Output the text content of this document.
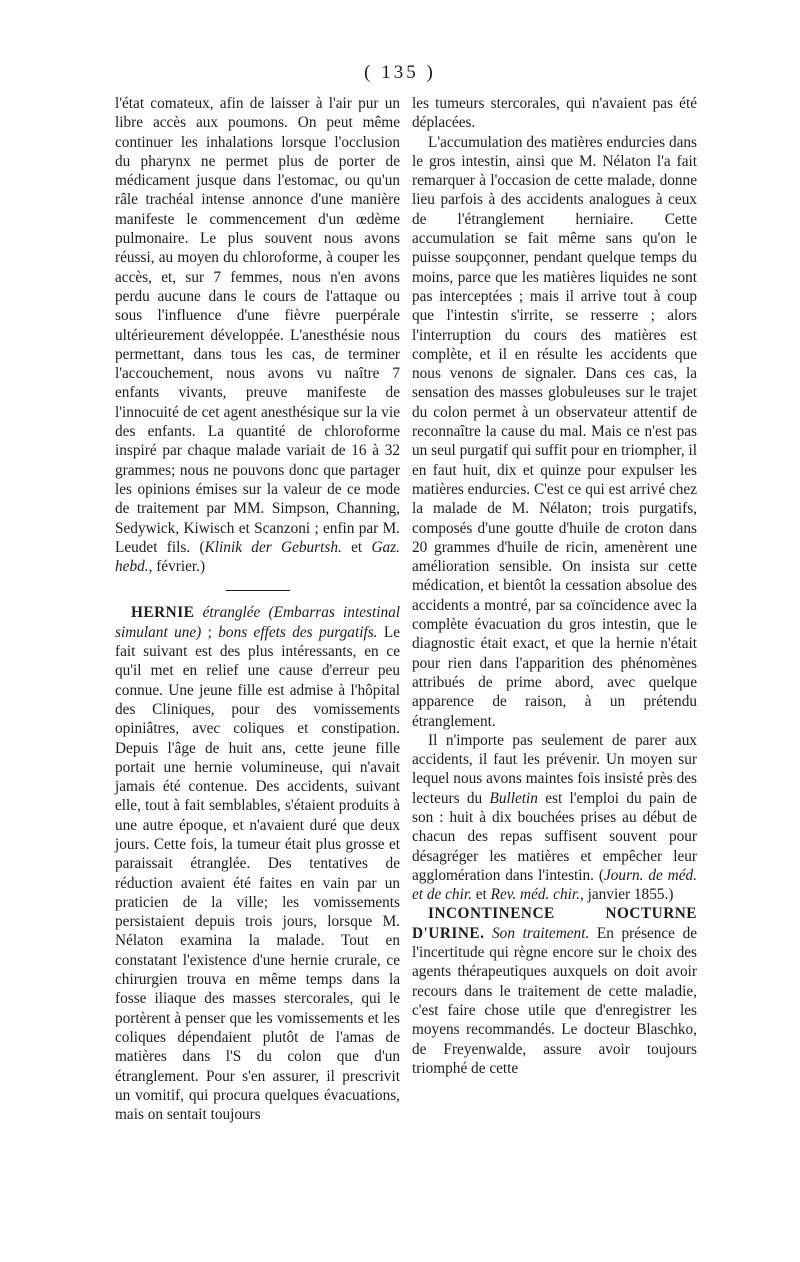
( 135 )

l'état comateux, afin de laisser à l'air pur un libre accès aux poumons. On peut même continuer les inhalations lorsque l'occlusion du pharynx ne permet plus de porter de médicament jusque dans l'estomac, ou qu'un râle trachéal intense annonce d'une manière manifeste le commencement d'un œdème pulmonaire. Le plus souvent nous avons réussi, au moyen du chloroforme, à couper les accès, et, sur 7 femmes, nous n'en avons perdu aucune dans le cours de l'attaque ou sous l'influence d'une fièvre puerpérale ultérieurement développée. L'anesthésie nous permettant, dans tous les cas, de terminer l'accouchement, nous avons vu naître 7 enfants vivants, preuve manifeste de l'innocuité de cet agent anesthésique sur la vie des enfants. La quantité de chloroforme inspiré par chaque malade variait de 16 à 32 grammes; nous ne pouvons donc que partager les opinions émises sur la valeur de ce mode de traitement par MM. Simpson, Channing, Sedywick, Kiwisch et Scanzoni ; enfin par M. Leudet fils. (Klinik der Geburtsh. et Gaz. hebd., février.)

HERNIE étranglée (Embarras intestinal simulant une) ; bons effets des purgatifs. Le fait suivant est des plus intéressants, en ce qu'il met en relief une cause d'erreur peu connue. Une jeune fille est admise à l'hôpital des Cliniques, pour des vomissements opiniâtres, avec coliques et constipation. Depuis l'âge de huit ans, cette jeune fille portait une hernie volumineuse, qui n'avait jamais été contenue. Des accidents, suivant elle, tout à fait semblables, s'étaient produits à une autre époque, et n'avaient duré que deux jours. Cette fois, la tumeur était plus grosse et paraissait étranglée. Des tentatives de réduction avaient été faites en vain par un praticien de la ville; les vomissements persistaient depuis trois jours, lorsque M. Nélaton examina la malade. Tout en constatant l'existence d'une hernie crurale, ce chirurgien trouva en même temps dans la fosse iliaque des masses stercorales, qui le portèrent à penser que les vomissements et les coliques dépendaient plutôt de l'amas de matières dans l'S du colon que d'un étranglement. Pour s'en assurer, il prescrivit un vomitif, qui procura quelques évacuations, mais on sentait toujours

les tumeurs stercorales, qui n'avaient pas été déplacées.

L'accumulation des matières endurcies dans le gros intestin, ainsi que M. Nélaton l'a fait remarquer à l'occasion de cette malade, donne lieu parfois à des accidents analogues à ceux de l'étranglement herniaire. Cette accumulation se fait même sans qu'on le puisse soupçonner, pendant quelque temps du moins, parce que les matières liquides ne sont pas interceptées ; mais il arrive tout à coup que l'intestin s'irrite, se resserre ; alors l'interruption du cours des matières est complète, et il en résulte les accidents que nous venons de signaler. Dans ces cas, la sensation des masses globuleuses sur le trajet du colon permet à un observateur attentif de reconnaître la cause du mal. Mais ce n'est pas un seul purgatif qui suffit pour en triompher, il en faut huit, dix et quinze pour expulser les matières endurcies. C'est ce qui est arrivé chez la malade de M. Nélaton; trois purgatifs, composés d'une goutte d'huile de croton dans 20 grammes d'huile de ricin, amenèrent une amélioration sensible. On insista sur cette médication, et bientôt la cessation absolue des accidents a montré, par sa coïncidence avec la complète évacuation du gros intestin, que le diagnostic était exact, et que la hernie n'était pour rien dans l'apparition des phénomènes attribués de prime abord, avec quelque apparence de raison, à un prétendu étranglement.

Il n'importe pas seulement de parer aux accidents, il faut les prévenir. Un moyen sur lequel nous avons maintes fois insisté près des lecteurs du Bulletin est l'emploi du pain de son : huit à dix bouchées prises au début de chacun des repas suffisent souvent pour désagréger les matières et empêcher leur agglomération dans l'intestin. (Journ. de méd. et de chir. et Rev. méd. chir., janvier 1855.)

INCONTINENCE NOCTURNE D'URINE. Son traitement. En présence de l'incertitude qui règne encore sur le choix des agents thérapeutiques auxquels on doit avoir recours dans le traitement de cette maladie, c'est faire chose utile que d'enregistrer les moyens recommandés. Le docteur Blaschko, de Freyenwalde, assure avoir toujours triomphé de cette
